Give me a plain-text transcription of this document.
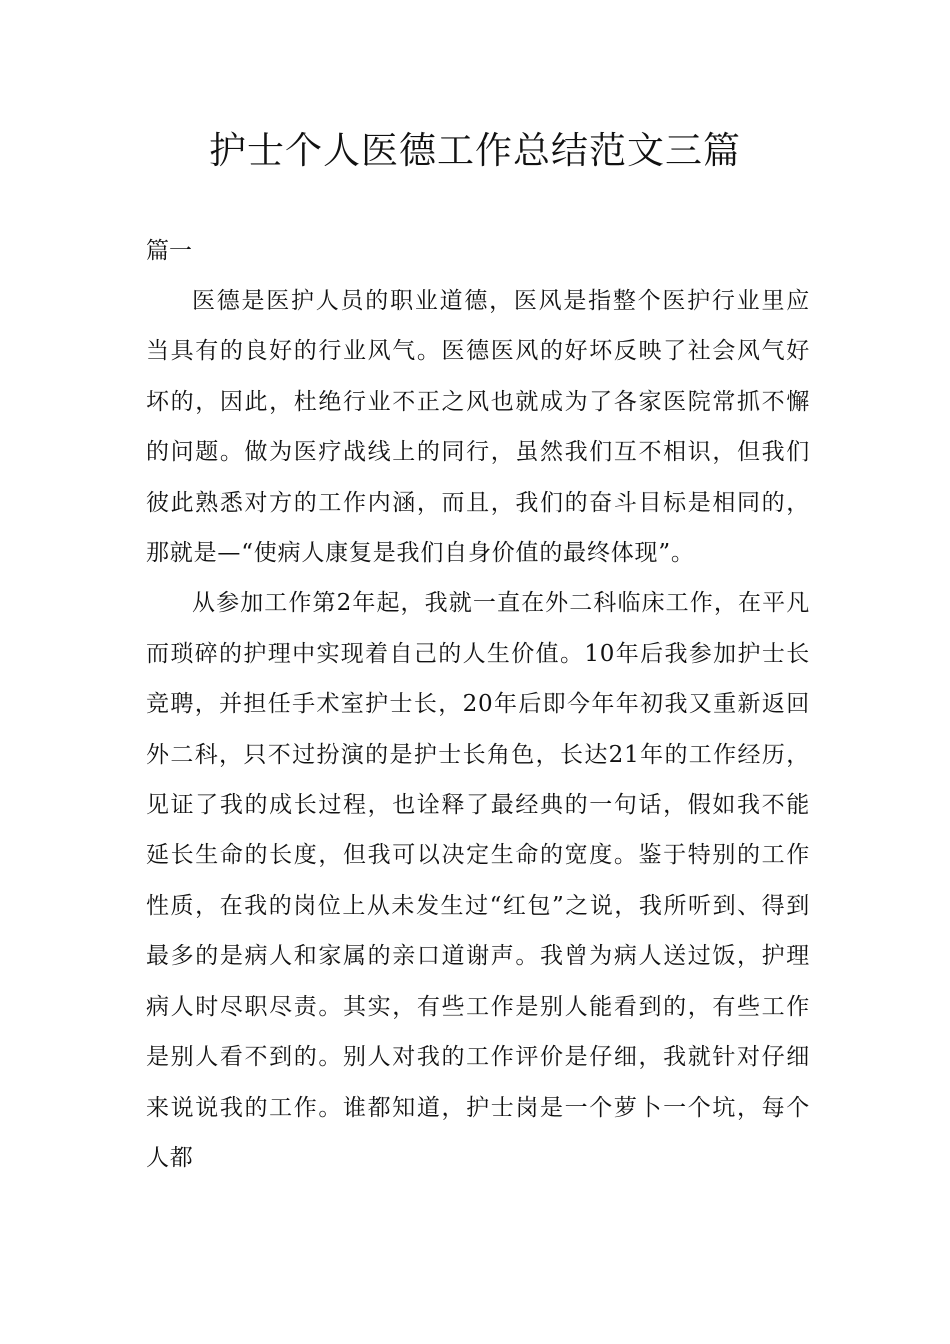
护士个人医德工作总结范文三篇
篇一

医德是医护人员的职业道德，医风是指整个医护行业里应当具有的良好的行业风气。医德医风的好坏反映了社会风气好坏的，因此，杜绝行业不正之风也就成为了各家医院常抓不懈的问题。做为医疗战线上的同行，虽然我们互不相识，但我们彼此熟悉对方的工作内涵，而且，我们的奋斗目标是相同的，那就是—“使病人康复是我们自身价值的最终体现”。

从参加工作第2年起，我就一直在外二科临床工作，在平凡而琐碎的护理中实现着自己的人生价值。10年后我参加护士长竞聘，并担任手术室护士长，20年后即今年年初我又重新返回外二科，只不过扮演的是护士长角色，长达21年的工作经历，见证了我的成长过程，也诠释了最经典的一句话，假如我不能延长生命的长度，但我可以决定生命的宽度。鉴于特别的工作性质，在我的岗位上从未发生过“红包”之说，我所听到、得到最多的是病人和家属的亲口道谢声。我曾为病人送过饭，护理病人时尽职尽责。其实，有些工作是别人能看到的，有些工作是别人看不到的。别人对我的工作评价是仔细，我就针对仔细来说说我的工作。谁都知道，护士岗是一个萝卜一个坑，每个人都
